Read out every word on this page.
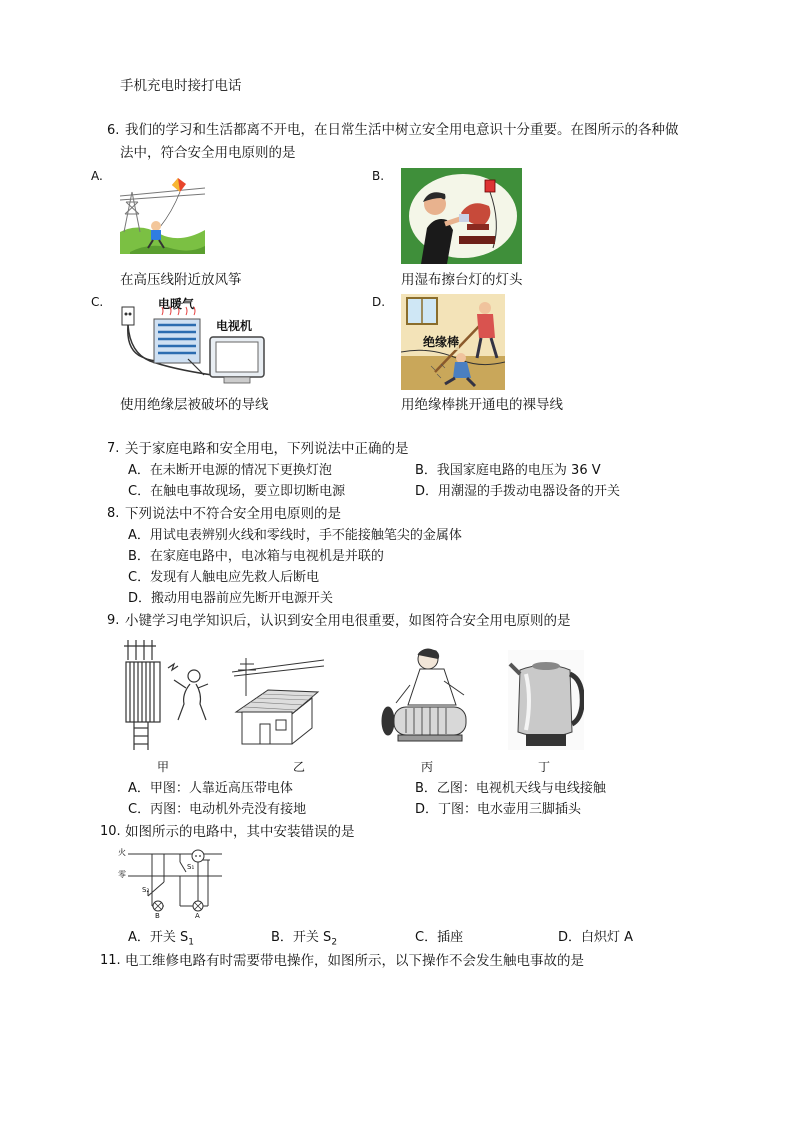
手机充电时接打电话
6. 我们的学习和生活都离不开电，在日常生活中树立安全用电意识十分重要。在图所示的各种做
法中，符合安全用电原则的是
A.	B.
在高压线附近放风筝	用湿布擦台灯的灯头
C.	D.
电暖气
电视机
绝缘棒
使用绝缘层被破坏的导线	用绝缘棒挑开通电的裸导线
7. 关于家庭电路和安全用电，下列说法中正确的是
A．在未断开电源的情况下更换灯泡	B．我国家庭电路的电压为 36 V
C．在触电事故现场，要立即切断电源	D．用潮湿的手拨动电器设备的开关
8. 下列说法中不符合安全用电原则的是
A．用试电表辨别火线和零线时，手不能接触笔尖的金属体
B．在家庭电路中，电冰箱与电视机是并联的
C．发现有人触电应先救人后断电
D．搬动用电器前应先断开电源开关
9. 小键学习电学知识后，认识到安全用电很重要，如图符合安全用电原则的是
甲	乙	丙	丁
A．甲图：人靠近高压带电体	B．乙图：电视机天线与电线接触
C．丙图：电动机外壳没有接地	D．丁图：电水壶用三脚插头
10. 如图所示的电路中，其中安装错误的是
火
零
S₁
S₂
B	A
A．开关 $S_1$	B．开关 $S_2$	C．插座	D．白炽灯 A
11. 电工维修电路有时需要带电操作，如图所示，以下操作不会发生触电事故的是
